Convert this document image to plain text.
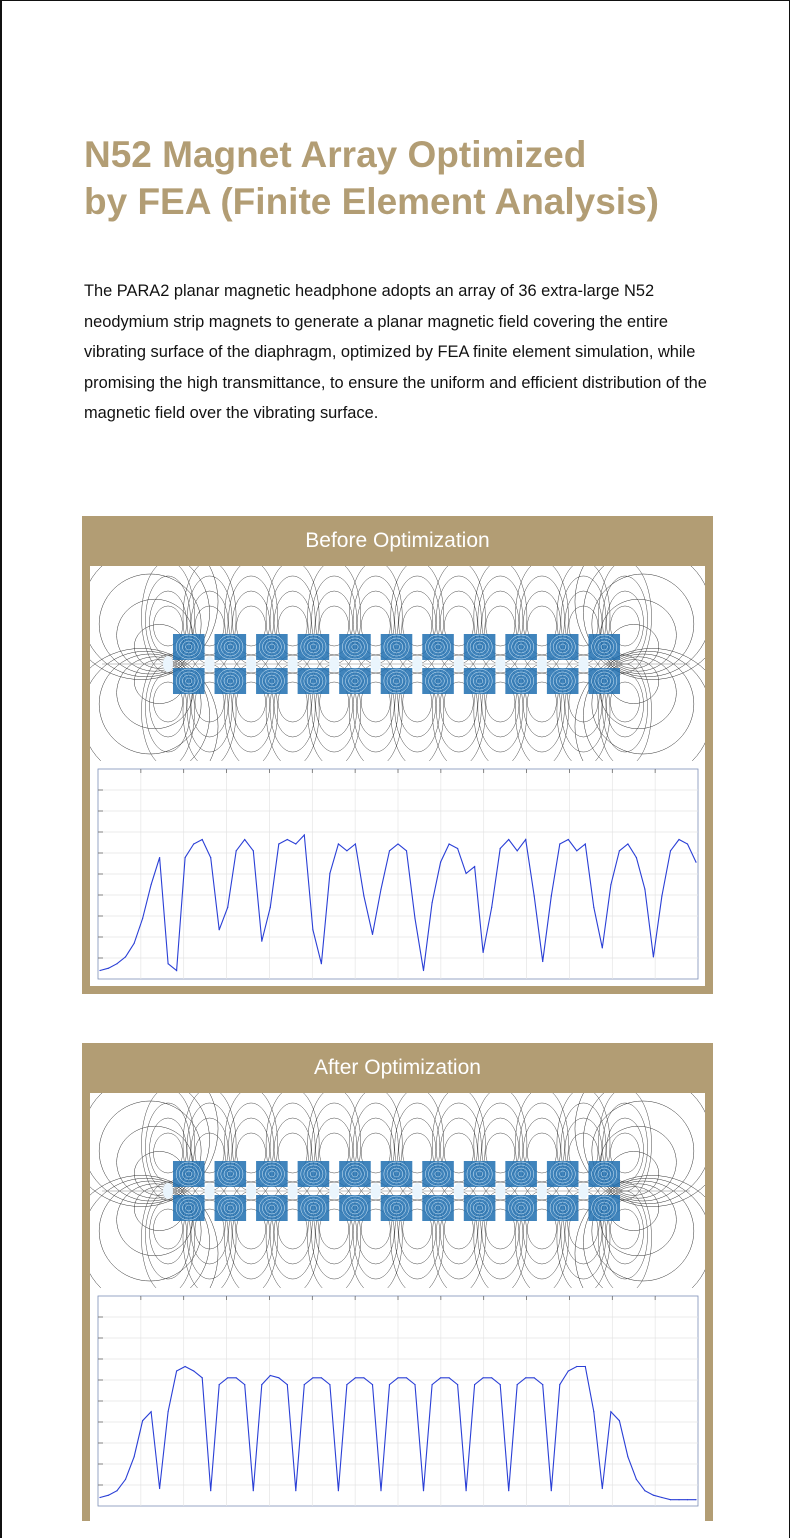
N52 Magnet Array Optimized
by FEA (Finite Element Analysis)

The PARA2 planar magnetic headphone adopts an array of 36 extra-large N52 neodymium strip magnets to generate a planar magnetic field covering the entire vibrating surface of the diaphragm, optimized by FEA finite element simulation, while promising the high transmittance, to ensure the uniform and efficient distribution of the magnetic field over the vibrating surface.

Before Optimization
After Optimization
